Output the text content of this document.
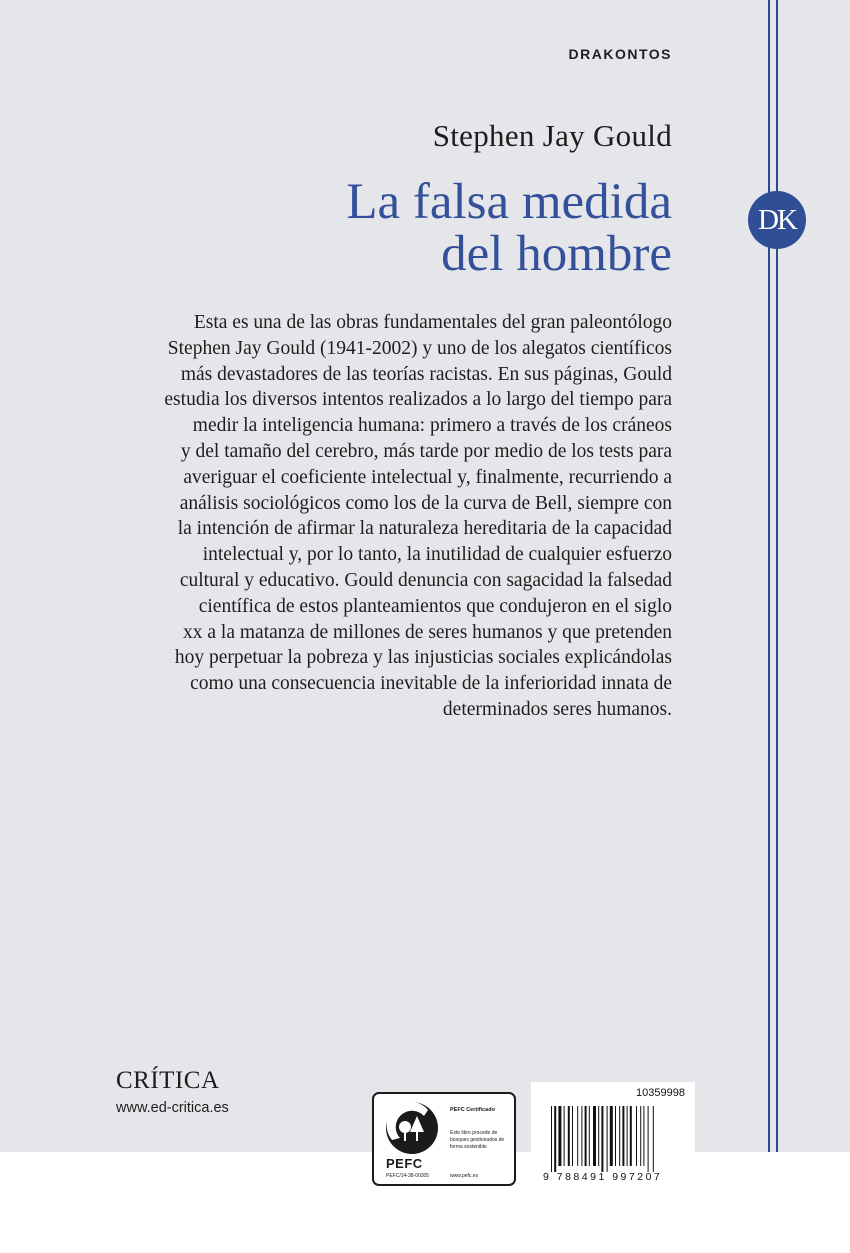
DRAKONTOS
Stephen Jay Gould
La falsa medida
del hombre
DK
Esta es una de las obras fundamentales del gran paleontólogo
Stephen Jay Gould (1941-2002) y uno de los alegatos científicos
más devastadores de las teorías racistas. En sus páginas, Gould
estudia los diversos intentos realizados a lo largo del tiempo para
medir la inteligencia humana: primero a través de los cráneos
y del tamaño del cerebro, más tarde por medio de los tests para
averiguar el coeficiente intelectual y, finalmente, recurriendo a
análisis sociológicos como los de la curva de Bell, siempre con
la intención de afirmar la naturaleza hereditaria de la capacidad
intelectual y, por lo tanto, la inutilidad de cualquier esfuerzo
cultural y educativo. Gould denuncia con sagacidad la falsedad
científica de estos planteamientos que condujeron en el siglo
xx a la matanza de millones de seres humanos y que pretenden
hoy perpetuar la pobreza y las injusticias sociales explicándolas
como una consecuencia inevitable de la inferioridad innata de
determinados seres humanos.
CRÍTICA
www.ed-critica.es
PEFC
PEFC/14-38-00305
PEFC Certificado
Este libro procede de bosques gestionados de forma sostenible
www.pefc.es
10359998
9 788491 997207
